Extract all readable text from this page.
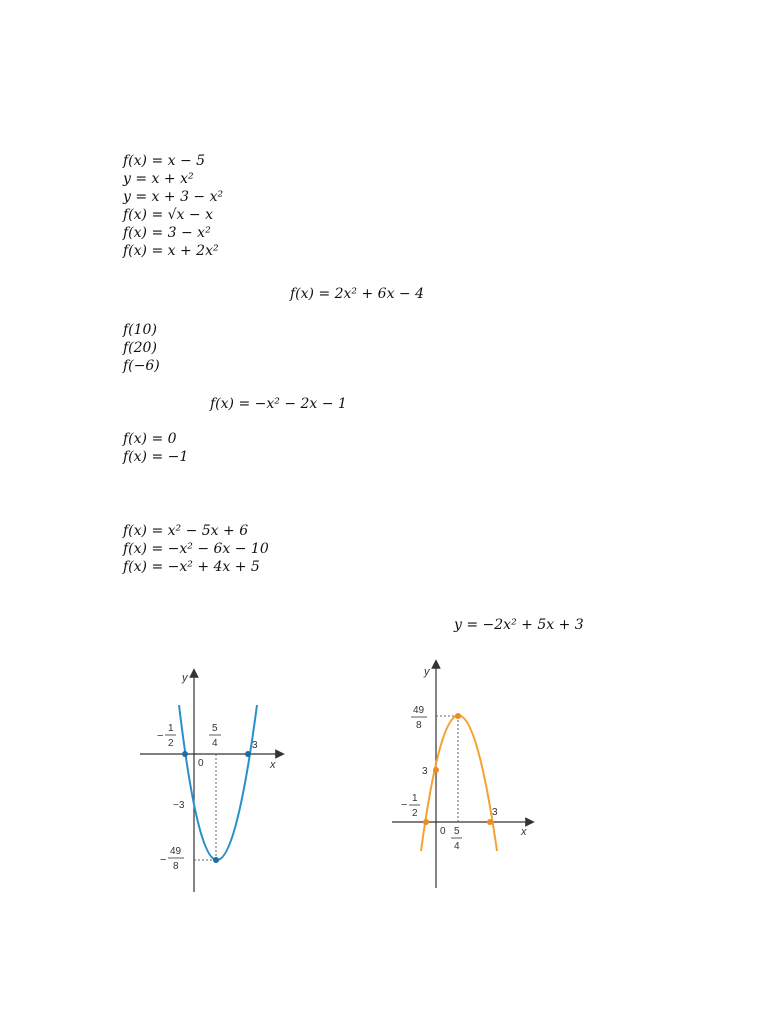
f(x) = x − 5
y = x + x²
y = x + 3 − x²
f(x) = √x − x
f(x) = 3 − x²
f(x) = x + 2x²
f(x) = 2x² + 6x − 4
f(10)
f(20)
f(−6)
f(x) = −x² − 2x − 1
f(x) = 0
f(x) = −1
f(x) = x² − 5x + 6
f(x) = −x² − 6x − 10
f(x) = −x² + 4x + 5
y = −2x² + 5x + 3
y
x
−
1
2
5
4	3
0
−3
−
49
8
y
x
49
8
3
−
1
2
0 5
4
3
